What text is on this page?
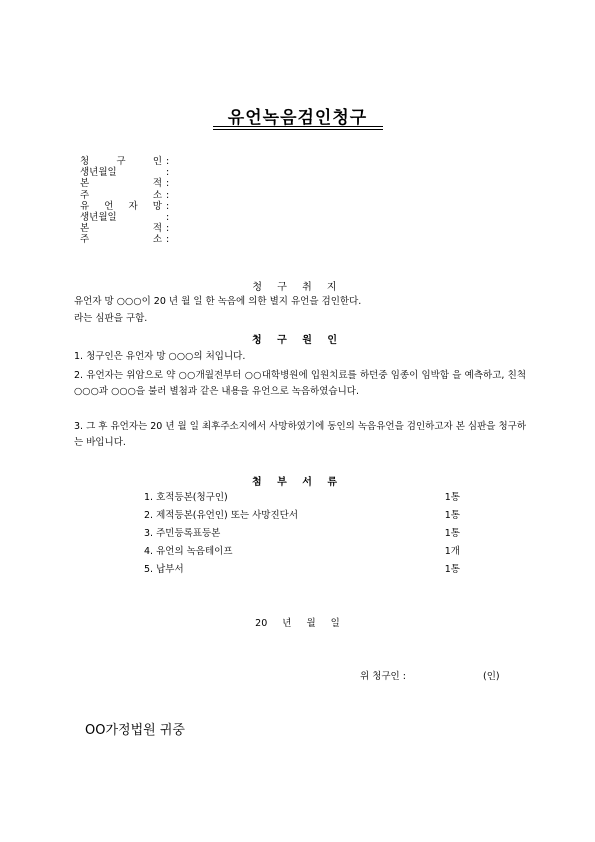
유언녹음검인청구
청 구 인 :
생년월일	:
본 적 :
주 소 :
유 언 자 망 :
생년월일	:
본 적 :
주 소 :
청 구 취 지
유언자 망 ○○○이 20 년 월 일 한 녹음에 의한 별지 유언을 검인한다.
라는 심판을 구함.
청 구 원 인
1. 청구인은 유언자 망 ○○○의 처입니다.
2. 유언자는 위암으로 약 ○○개월전부터 ○○대학병원에 입원치료를 하던중 임종이 임박함 을 예측하고, 친척 ○○○과 ○○○을 불러 별첨과 같은 내용을 유언으로 녹음하였습니다.
3. 그 후 유언자는 20 년 월 일 최후주소지에서 사망하였기에 동인의 녹음유언을 검인하고자 본 심판을 청구하는 바입니다.
첨 부 서 류
1. 호적등본(청구인)	1통
2. 제적등본(유언인) 또는 사망진단서	1통
3. 주민등록표등본	1통
4. 유언의 녹음테이프	1개
5. 납부서	1통
20 년 월 일
위 청구인 :	(인)
OO가정법원 귀중
